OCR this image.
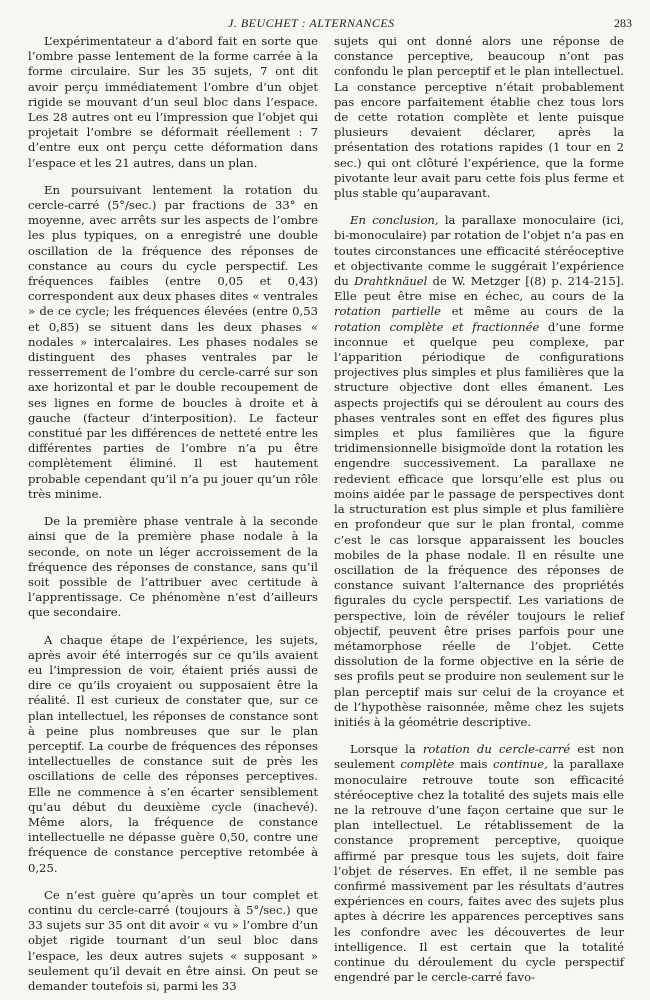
J. BEUCHET : ALTERNANCES	283

L’expérimentateur a d’abord fait en sorte que l’ombre passe lentement de la forme carrée à la forme circulaire. Sur les 35 sujets, 7 ont dit avoir perçu immédiatement l’ombre d’un objet rigide se mouvant d’un seul bloc dans l’espace. Les 28 autres ont eu l’impression que l’objet qui projetait l’ombre se déformait réellement : 7 d’entre eux ont perçu cette déformation dans l’espace et les 21 autres, dans un plan.

En poursuivant lentement la rotation du cercle-carré (5°/sec.) par fractions de 33° en moyenne, avec arrêts sur les aspects de l’ombre les plus typiques, on a enregistré une double oscillation de la fréquence des réponses de constance au cours du cycle perspectif. Les fréquences faibles (entre 0,05 et 0,43) correspondent aux deux phases dites « ventrales » de ce cycle; les fréquences élevées (entre 0,53 et 0,85) se situent dans les deux phases « nodales » intercalaires. Les phases nodales se distinguent des phases ventrales par le resserrement de l’ombre du cercle-carré sur son axe horizontal et par le double recoupement de ses lignes en forme de boucles à droite et à gauche (facteur d’interposition). Le facteur constitué par les différences de netteté entre les différentes parties de l’ombre n’a pu être complètement éliminé. Il est hautement probable cependant qu’il n’a pu jouer qu’un rôle très minime.

De la première phase ventrale à la seconde ainsi que de la première phase nodale à la seconde, on note un léger accroissement de la fréquence des réponses de constance, sans qu’il soit possible de l’attribuer avec certitude à l’apprentissage. Ce phénomène n’est d’ailleurs que secondaire.

A chaque étape de l’expérience, les sujets, après avoir été interrogés sur ce qu’ils avaient eu l’impression de voir, étaient priés aussi de dire ce qu’ils croyaient ou supposaient être la réalité. Il est curieux de constater que, sur ce plan intellectuel, les réponses de constance sont à peine plus nombreuses que sur le plan perceptif. La courbe de fréquences des réponses intellectuelles de constance suit de près les oscillations de celle des réponses perceptives. Elle ne commence à s’en écarter sensiblement qu’au début du deuxième cycle (inachevé). Même alors, la fréquence de constance intellectuelle ne dépasse guère 0,50, contre une fréquence de constance perceptive retombée à 0,25.

Ce n’est guère qu’après un tour complet et continu du cercle-carré (toujours à 5°/sec.) que 33 sujets sur 35 ont dit avoir « vu » l’ombre d’un objet rigide tournant d’un seul bloc dans l’espace, les deux autres sujets « supposant » seulement qu’il devait en être ainsi. On peut se demander toutefois si, parmi les 33

sujets qui ont donné alors une réponse de constance perceptive, beaucoup n’ont pas confondu le plan perceptif et le plan intellectuel. La constance perceptive n’était probablement pas encore parfaitement établie chez tous lors de cette rotation complète et lente puisque plusieurs devaient déclarer, après la présentation des rotations rapides (1 tour en 2 sec.) qui ont clôturé l’expérience, que la forme pivotante leur avait paru cette fois plus ferme et plus stable qu’auparavant.

En conclusion, la parallaxe monoculaire (ici, bi-monoculaire) par rotation de l’objet n’a pas en toutes circonstances une efficacité stéréoceptive et objectivante comme le suggérait l’expérience du Drahtknäuel de W. Metzger [(8) p. 214-215]. Elle peut être mise en échec, au cours de la rotation partielle et même au cours de la rotation complète et fractionnée d’une forme inconnue et quelque peu complexe, par l’apparition périodique de configurations projectives plus simples et plus familières que la structure objective dont elles émanent. Les aspects projectifs qui se déroulent au cours des phases ventrales sont en effet des figures plus simples et plus familières que la figure tridimensionnelle bisigmoïde dont la rotation les engendre successivement. La parallaxe ne redevient efficace que lorsqu’elle est plus ou moins aidée par le passage de perspectives dont la structuration est plus simple et plus familière en profondeur que sur le plan frontal, comme c’est le cas lorsque apparaissent les boucles mobiles de la phase nodale. Il en résulte une oscillation de la fréquence des réponses de constance suivant l’alternance des propriétés figurales du cycle perspectif. Les variations de perspective, loin de révéler toujours le relief objectif, peuvent être prises parfois pour une métamorphose réelle de l’objet. Cette dissolution de la forme objective en la série de ses profils peut se produire non seulement sur le plan perceptif mais sur celui de la croyance et de l’hypothèse raisonnée, même chez les sujets initiés à la géométrie descriptive.

Lorsque la rotation du cercle-carré est non seulement complète mais continue, la parallaxe monoculaire retrouve toute son efficacité stéréoceptive chez la totalité des sujets mais elle ne la retrouve d’une façon certaine que sur le plan intellectuel. Le rétablissement de la constance proprement perceptive, quoique affirmé par presque tous les sujets, doit faire l’objet de réserves. En effet, il ne semble pas confirmé massivement par les résultats d’autres expériences en cours, faites avec des sujets plus aptes à décrire les apparences perceptives sans les confondre avec les découvertes de leur intelligence. Il est certain que la totalité continue du déroulement du cycle perspectif engendré par le cercle-carré favo-
